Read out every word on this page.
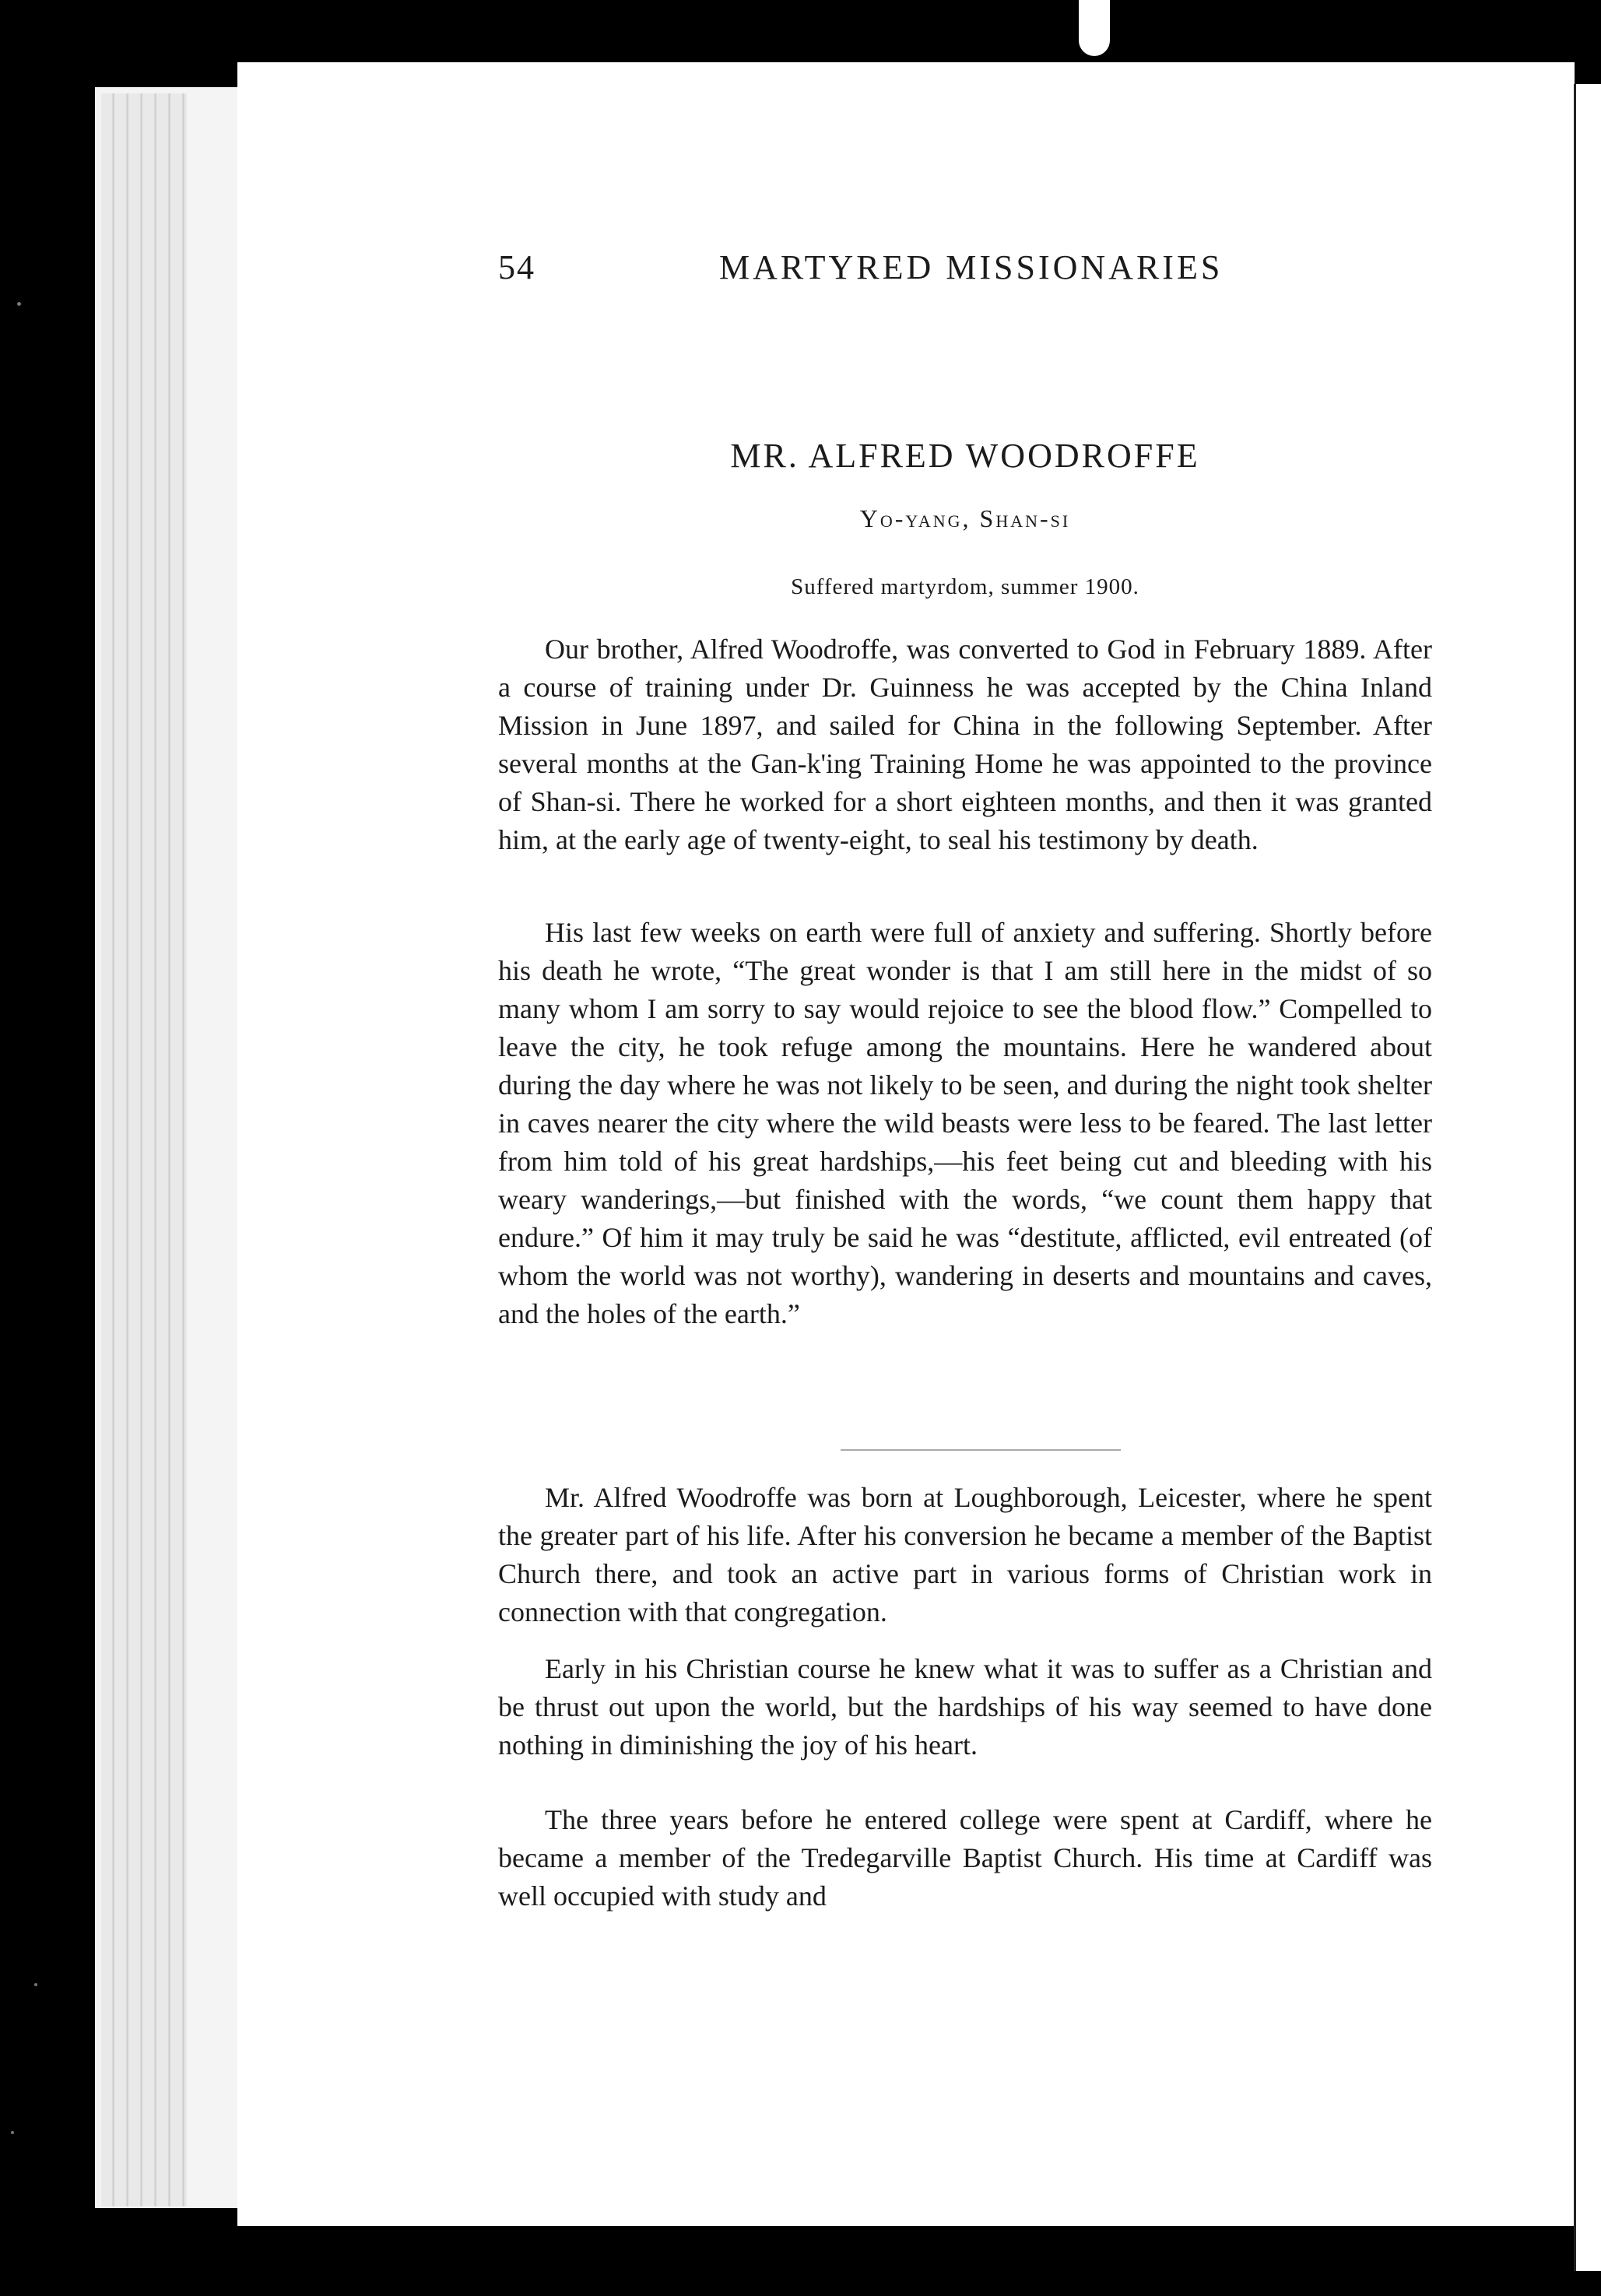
54	MARTYRED MISSIONARIES
MR. ALFRED WOODROFFE
Yo-yang, Shan-si
Suffered martyrdom, summer 1900.

Our brother, Alfred Woodroffe, was converted to God in February 1889. After a course of training under Dr. Guinness he was accepted by the China Inland Mission in June 1897, and sailed for China in the following September. After several months at the Gan-k'ing Training Home he was appointed to the province of Shan-si. There he worked for a short eighteen months, and then it was granted him, at the early age of twenty-eight, to seal his testimony by death.

His last few weeks on earth were full of anxiety and suffering. Shortly before his death he wrote, “The great wonder is that I am still here in the midst of so many whom I am sorry to say would rejoice to see the blood flow.” Compelled to leave the city, he took refuge among the mountains. Here he wandered about during the day where he was not likely to be seen, and during the night took shelter in caves nearer the city where the wild beasts were less to be feared. The last letter from him told of his great hardships,—his feet being cut and bleeding with his weary wanderings,—but finished with the words, “we count them happy that endure.” Of him it may truly be said he was “destitute, afflicted, evil entreated (of whom the world was not worthy), wandering in deserts and mountains and caves, and the holes of the earth.”

Mr. Alfred Woodroffe was born at Loughborough, Leicester, where he spent the greater part of his life. After his conversion he became a member of the Baptist Church there, and took an active part in various forms of Christian work in connection with that congregation.

Early in his Christian course he knew what it was to suffer as a Christian and be thrust out upon the world, but the hardships of his way seemed to have done nothing in diminishing the joy of his heart.

The three years before he entered college were spent at Cardiff, where he became a member of the Tredegarville Baptist Church. His time at Cardiff was well occupied with study and
